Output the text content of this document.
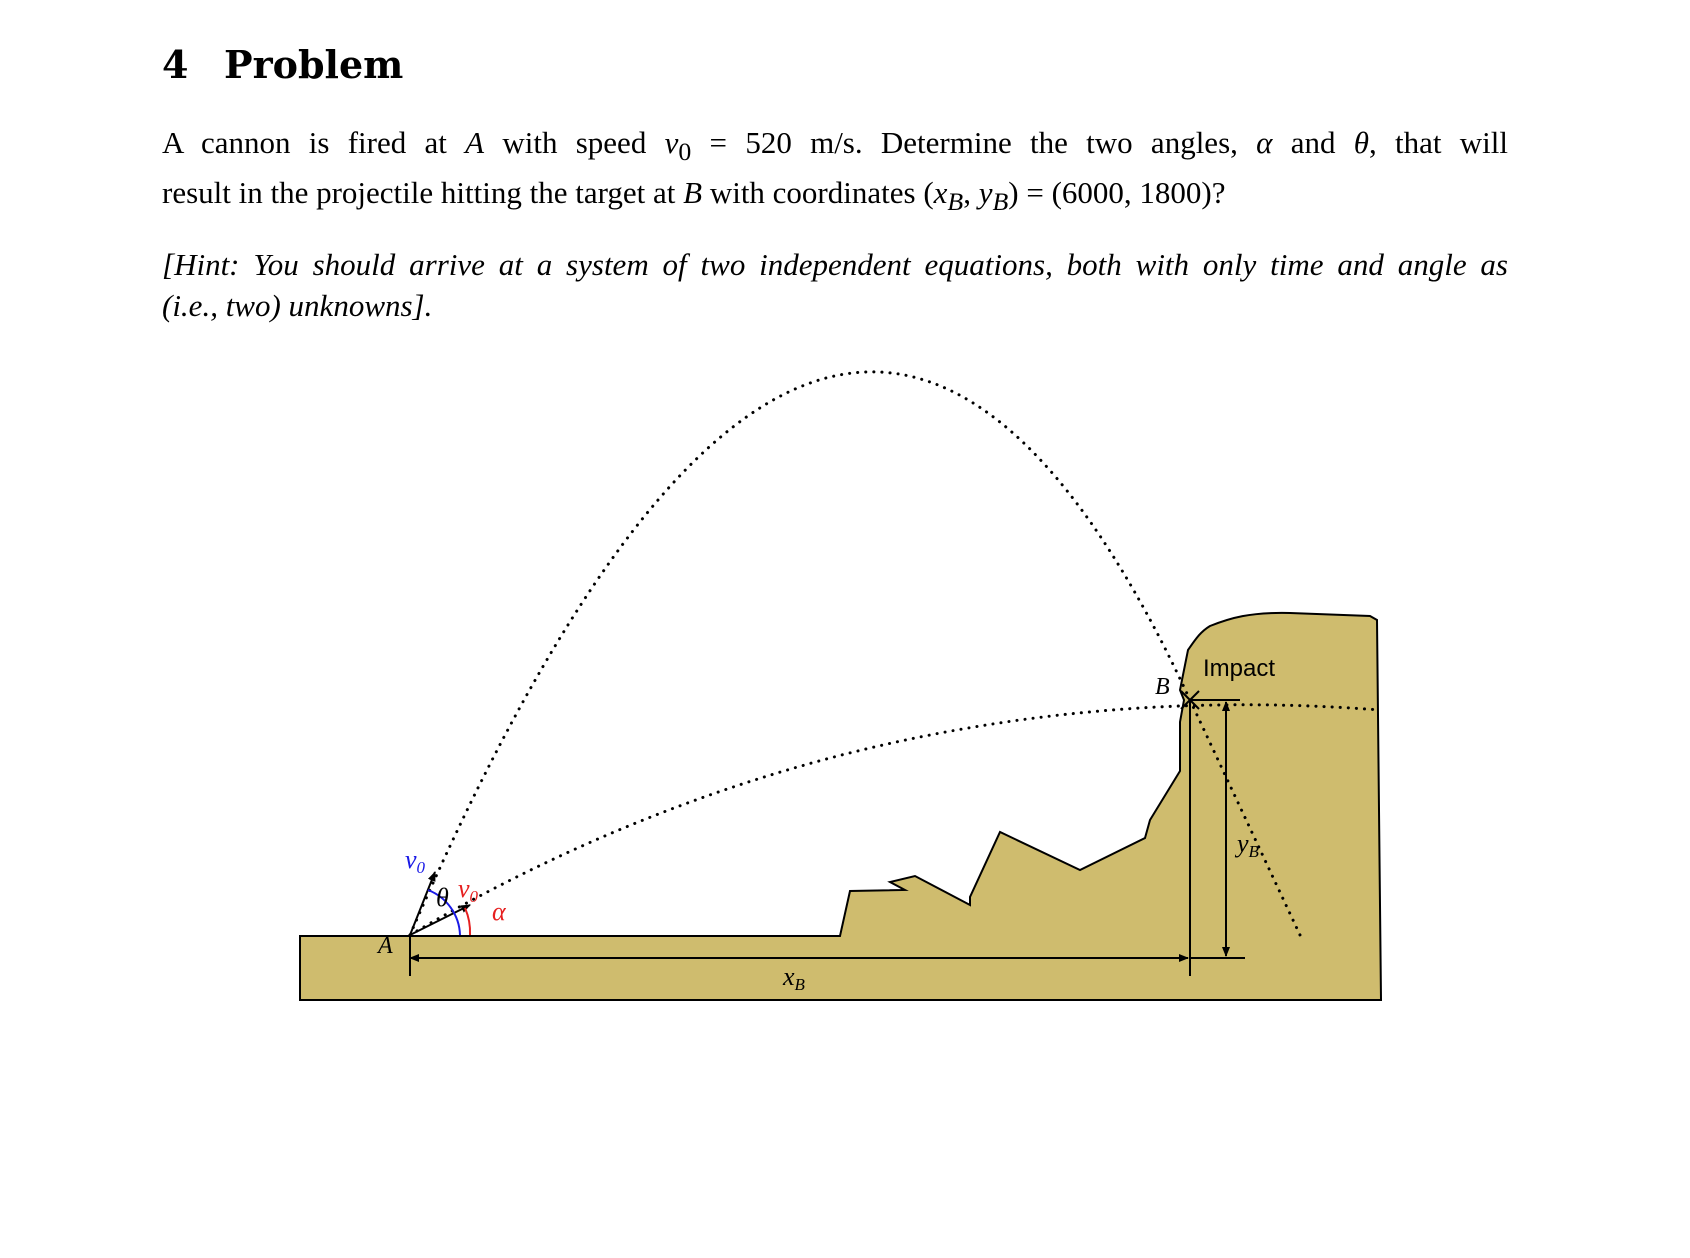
4 Problem
A cannon is fired at A with speed $v_0 = 520$ m/s. Determine the two angles, α and θ, that will
result in the projectile hitting the target at B with coordinates ($x_B$, $y_B) = (6000$, 1800)?
[Hint: You should arrive at a system of two independent equations, both with only time and angle as
(i.e., two) unknowns].
A
B
Impact
v0
θ v0
α
xB
yB
